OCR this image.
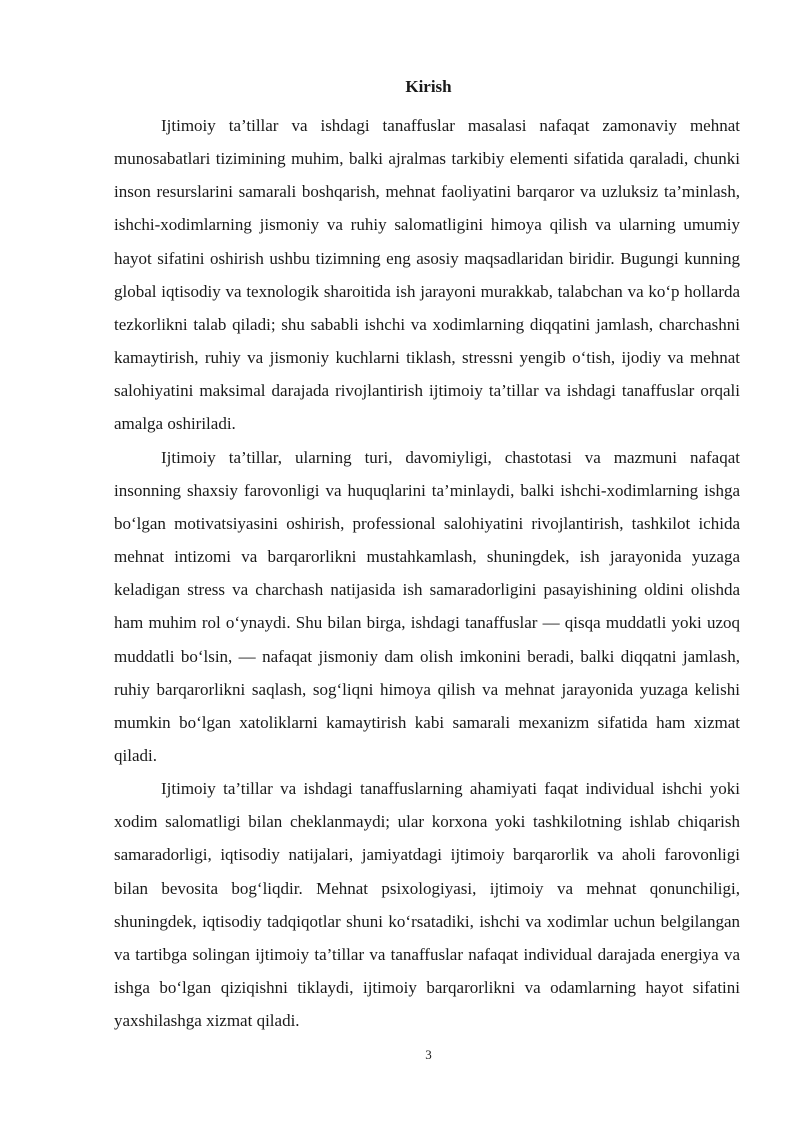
Kirish

Ijtimoiy ta’tillar va ishdagi tanaffuslar masalasi nafaqat zamonaviy mehnat munosabatlari tizimining muhim, balki ajralmas tarkibiy elementi sifatida qaraladi, chunki inson resurslarini samarali boshqarish, mehnat faoliyatini barqaror va uzluksiz ta’minlash, ishchi-xodimlarning jismoniy va ruhiy salomatligini himoya qilish va ularning umumiy hayot sifatini oshirish ushbu tizimning eng asosiy maqsadlaridan biridir. Bugungi kunning global iqtisodiy va texnologik sharoitida ish jarayoni murakkab, talabchan va ko‘p hollarda tezkorlikni talab qiladi; shu sababli ishchi va xodimlarning diqqatini jamlash, charchashni kamaytirish, ruhiy va jismoniy kuchlarni tiklash, stressni yengib o‘tish, ijodiy va mehnat salohiyatini maksimal darajada rivojlantirish ijtimoiy ta’tillar va ishdagi tanaffuslar orqali amalga oshiriladi.

Ijtimoiy ta’tillar, ularning turi, davomiyligi, chastotasi va mazmuni nafaqat insonning shaxsiy farovonligi va huquqlarini ta’minlaydi, balki ishchi-xodimlarning ishga bo‘lgan motivatsiyasini oshirish, professional salohiyatini rivojlantirish, tashkilot ichida mehnat intizomi va barqarorlikni mustahkamlash, shuningdek, ish jarayonida yuzaga keladigan stress va charchash natijasida ish samaradorligini pasayishining oldini olishda ham muhim rol o‘ynaydi. Shu bilan birga, ishdagi tanaffuslar — qisqa muddatli yoki uzoq muddatli bo‘lsin, — nafaqat jismoniy dam olish imkonini beradi, balki diqqatni jamlash, ruhiy barqarorlikni saqlash, sog‘liqni himoya qilish va mehnat jarayonida yuzaga kelishi mumkin bo‘lgan xatoliklarni kamaytirish kabi samarali mexanizm sifatida ham xizmat qiladi.

Ijtimoiy ta’tillar va ishdagi tanaffuslarning ahamiyati faqat individual ishchi yoki xodim salomatligi bilan cheklanmaydi; ular korxona yoki tashkilotning ishlab chiqarish samaradorligi, iqtisodiy natijalari, jamiyatdagi ijtimoiy barqarorlik va aholi farovonligi bilan bevosita bog‘liqdir. Mehnat psixologiyasi, ijtimoiy va mehnat qonunchiligi, shuningdek, iqtisodiy tadqiqotlar shuni ko‘rsatadiki, ishchi va xodimlar uchun belgilangan va tartibga solingan ijtimoiy ta’tillar va tanaffuslar nafaqat individual darajada energiya va ishga bo‘lgan qiziqishni tiklaydi, ijtimoiy barqarorlikni va odamlarning hayot sifatini yaxshilashga xizmat qiladi.

3
